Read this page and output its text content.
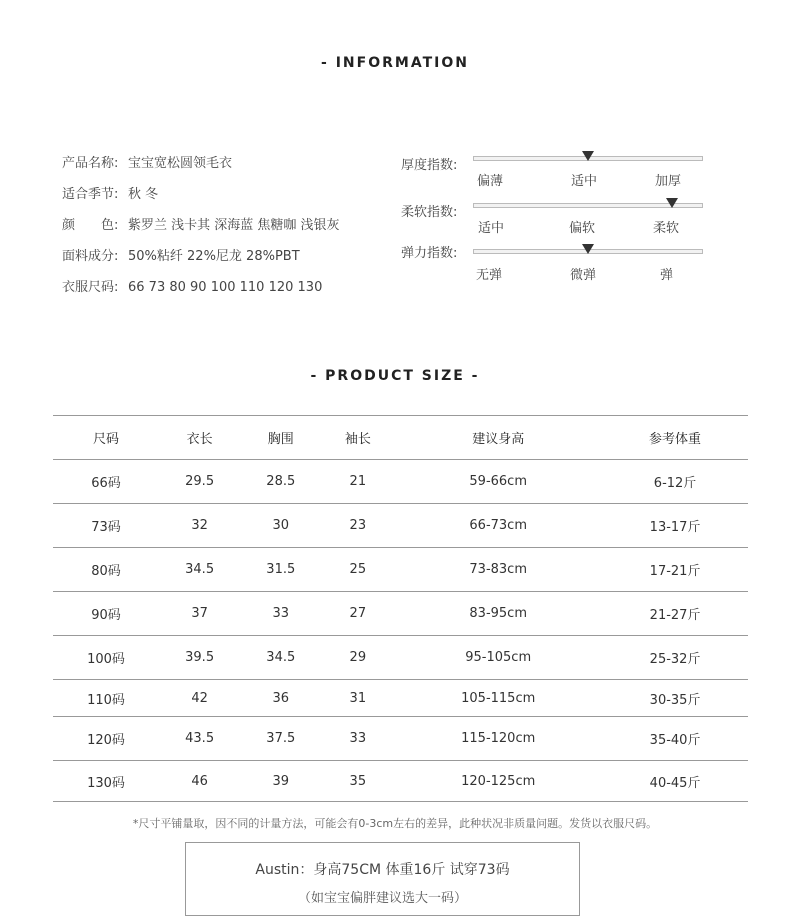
- INFORMATION
产品名称: 宝宝宽松圆领毛衣
适合季节: 秋 冬
颜　　色: 紫罗兰 浅卡其 深海蓝 焦糖咖 浅银灰
面料成分: 50%粘纤 22%尼龙 28%PBT
衣服尺码: 66 73 80 90 100 110 120 130
厚度指数:
偏薄	适中	加厚
柔软指数:
适中	偏软	柔软
弹力指数:
无弹	微弹	弹
- PRODUCT SIZE -
尺码	衣长	胸围	袖长	建议身高	参考体重
66码	29.5	28.5	21	59-66cm	6-12斤
73码	32	30	23	66-73cm	13-17斤
80码	34.5	31.5	25	73-83cm	17-21斤
90码	37	33	27	83-95cm	21-27斤
100码	39.5	34.5	29	95-105cm	25-32斤
110码	42	36	31	105-115cm	30-35斤
120码	43.5	37.5	33	115-120cm	35-40斤
130码	46	39	35	120-125cm	40-45斤
*尺寸平铺量取，因不同的计量方法，可能会有0-3cm左右的差异，此种状况非质量问题。发货以衣服尺码。
Austin：身高75CM 体重16斤 试穿73码
（如宝宝偏胖建议选大一码）
